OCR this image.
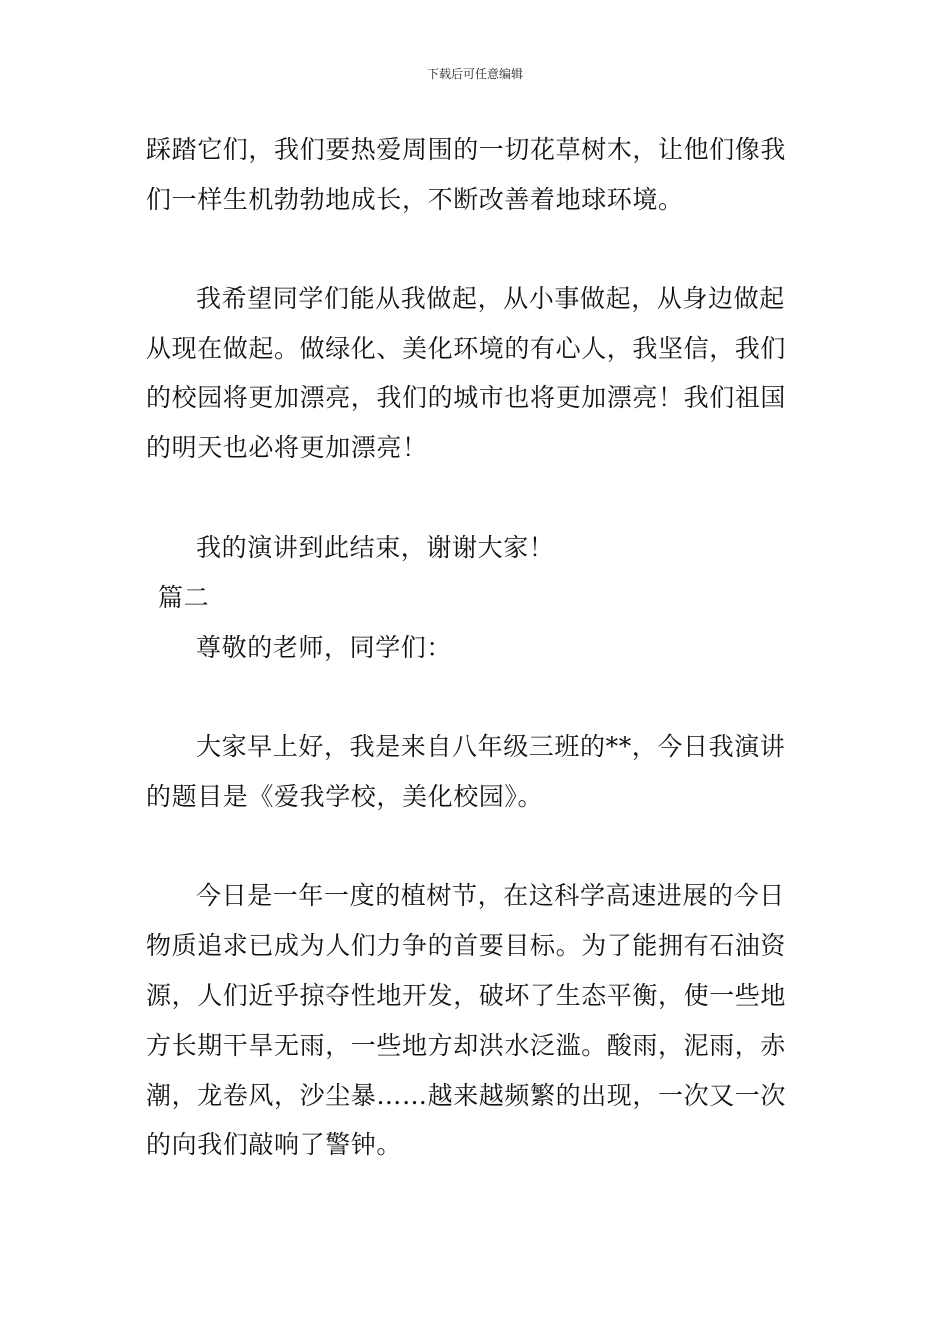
下载后可任意编辑
踩踏它们，我们要热爱周围的一切花草树木，让他们像我
们一样生机勃勃地成长，不断改善着地球环境。
我希望同学们能从我做起，从小事做起，从身边做起
从现在做起。做绿化、美化环境的有心人，我坚信，我们
的校园将更加漂亮，我们的城市也将更加漂亮！我们祖国
的明天也必将更加漂亮！
我的演讲到此结束，谢谢大家！
篇二
尊敬的老师，同学们：
大家早上好，我是来自八年级三班的**，今日我演讲
的题目是《爱我学校，美化校园》。
今日是一年一度的植树节，在这科学高速进展的今日
物质追求已成为人们力争的首要目标。为了能拥有石油资
源，人们近乎掠夺性地开发，破坏了生态平衡，使一些地
方长期干旱无雨，一些地方却洪水泛滥。酸雨，泥雨，赤
潮，龙卷风，沙尘暴……越来越频繁的出现，一次又一次
的向我们敲响了警钟。
